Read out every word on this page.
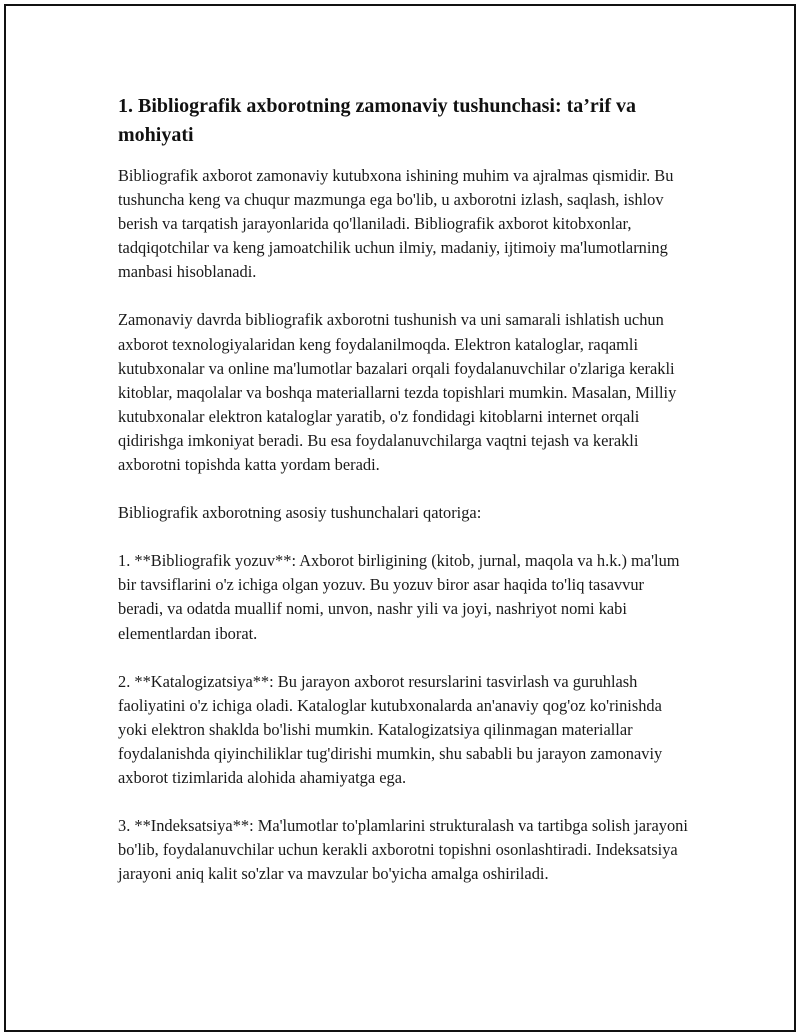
1. Bibliografik axborotning zamonaviy tushunchasi: ta’rif va mohiyati

Bibliografik axborot zamonaviy kutubxona ishining muhim va ajralmas qismidir. Bu tushuncha keng va chuqur mazmunga ega bo'lib, u axborotni izlash, saqlash, ishlov berish va tarqatish jarayonlarida qo'llaniladi. Bibliografik axborot kitobxonlar, tadqiqotchilar va keng jamoatchilik uchun ilmiy, madaniy, ijtimoiy ma'lumotlarning manbasi hisoblanadi.

Zamonaviy davrda bibliografik axborotni tushunish va uni samarali ishlatish uchun axborot texnologiyalaridan keng foydalanilmoqda. Elektron kataloglar, raqamli kutubxonalar va online ma'lumotlar bazalari orqali foydalanuvchilar o'zlariga kerakli kitoblar, maqolalar va boshqa materiallarni tezda topishlari mumkin. Masalan, Milliy kutubxonalar elektron kataloglar yaratib, o'z fondidagi kitoblarni internet orqali qidirishga imkoniyat beradi. Bu esa foydalanuvchilarga vaqtni tejash va kerakli axborotni topishda katta yordam beradi.

Bibliografik axborotning asosiy tushunchalari qatoriga:

1. **Bibliografik yozuv**: Axborot birligining (kitob, jurnal, maqola va h.k.) ma'lum bir tavsiflarini o'z ichiga olgan yozuv. Bu yozuv biror asar haqida to'liq tasavvur beradi, va odatda muallif nomi, unvon, nashr yili va joyi, nashriyot nomi kabi elementlardan iborat.

2. **Katalogizatsiya**: Bu jarayon axborot resurslarini tasvirlash va guruhlash faoliyatini o'z ichiga oladi. Kataloglar kutubxonalarda an'anaviy qog'oz ko'rinishda yoki elektron shaklda bo'lishi mumkin. Katalogizatsiya qilinmagan materiallar foydalanishda qiyinchiliklar tug'dirishi mumkin, shu sababli bu jarayon zamonaviy axborot tizimlarida alohida ahamiyatga ega.

3. **Indeksatsiya**: Ma'lumotlar to'plamlarini strukturalash va tartibga solish jarayoni bo'lib, foydalanuvchilar uchun kerakli axborotni topishni osonlashtiradi. Indeksatsiya jarayoni aniq kalit so'zlar va mavzular bo'yicha amalga oshiriladi.
